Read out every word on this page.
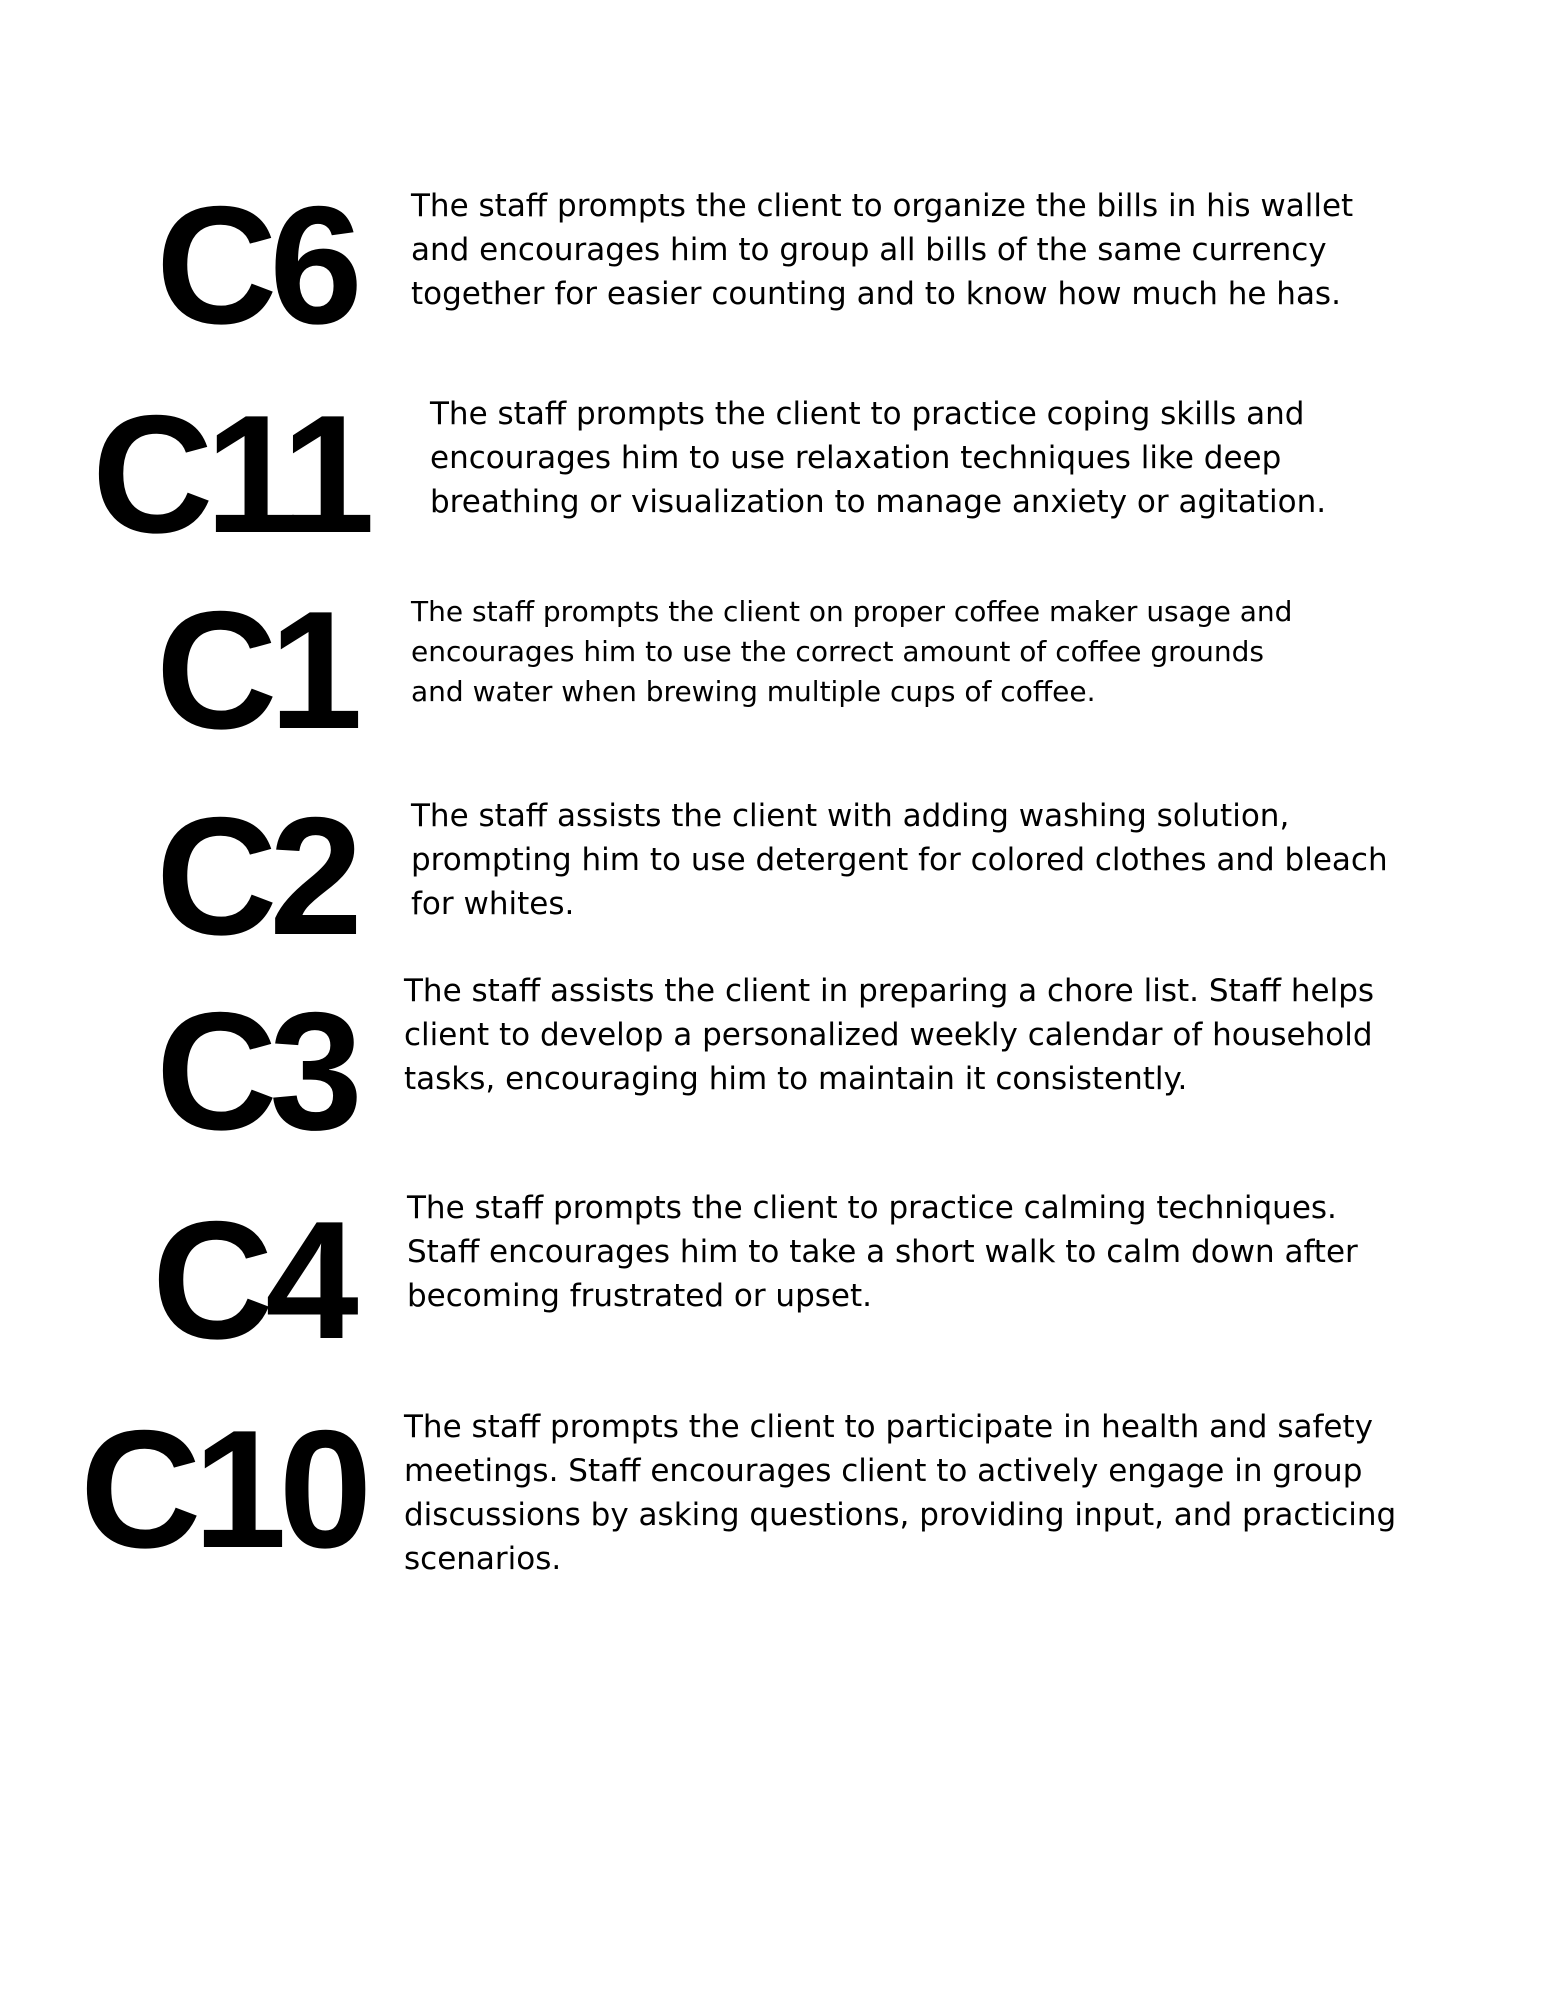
C6 The staff prompts the client to organize the bills in his wallet
and encourages him to group all bills of the same currency
together for easier counting and to know how much he has.

C11 The staff prompts the client to practice coping skills and
encourages him to use relaxation techniques like deep
breathing or visualization to manage anxiety or agitation.

C1 The staff prompts the client on proper coffee maker usage and
encourages him to use the correct amount of coffee grounds
and water when brewing multiple cups of coffee.

C2 The staff assists the client with adding washing solution,
prompting him to use detergent for colored clothes and bleach
for whites.

C3 The staff assists the client in preparing a chore list. Staff helps
client to develop a personalized weekly calendar of household
tasks, encouraging him to maintain it consistently.

C4 The staff prompts the client to practice calming techniques.
Staff encourages him to take a short walk to calm down after
becoming frustrated or upset.

C10 The staff prompts the client to participate in health and safety
meetings. Staff encourages client to actively engage in group
discussions by asking questions, providing input, and practicing
scenarios.
